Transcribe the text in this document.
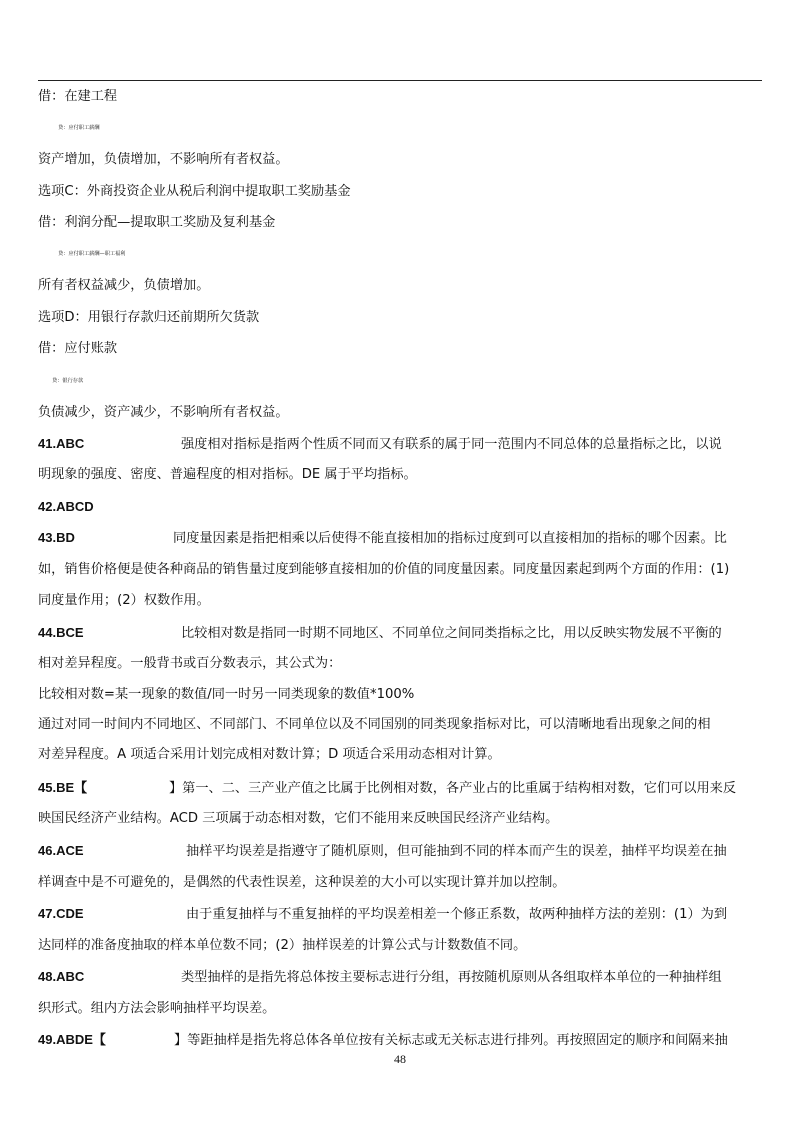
借：在建工程
贷：应付职工薪酬
资产增加，负债增加，不影响所有者权益。
选项C：外商投资企业从税后利润中提取职工奖励基金
借：利润分配—提取职工奖励及复利基金
贷：应付职工薪酬—职工福利
所有者权益减少，负债增加。
选项D：用银行存款归还前期所欠货款
借：应付账款
贷：银行存款
负债减少，资产减少，不影响所有者权益。
41.ABC	强度相对指标是指两个性质不同而又有联系的属于同一范围内不同总体的总量指标之比，以说
明现象的强度、密度、普遍程度的相对指标。DE 属于平均指标。
42.ABCD
43.BD	同度量因素是指把相乘以后使得不能直接相加的指标过度到可以直接相加的指标的哪个因素。比
如，销售价格便是使各种商品的销售量过度到能够直接相加的价值的同度量因素。同度量因素起到两个方面的作用：(1)
同度量作用；(2）权数作用。
44.BCE	比较相对数是指同一时期不同地区、不同单位之间同类指标之比，用以反映实物发展不平衡的
相对差异程度。一般背书或百分数表示，其公式为：
比较相对数=某一现象的数值/同一时另一同类现象的数值*100%
通过对同一时间内不同地区、不同部门、不同单位以及不同国别的同类现象指标对比，可以清晰地看出现象之间的相
对差异程度。A 项适合采用计划完成相对数计算；D 项适合采用动态相对计算。
45.BE【	】第一、二、三产业产值之比属于比例相对数，各产业占的比重属于结构相对数，它们可以用来反
映国民经济产业结构。ACD 三项属于动态相对数，它们不能用来反映国民经济产业结构。
46.ACE	抽样平均误差是指遵守了随机原则，但可能抽到不同的样本而产生的误差，抽样平均误差在抽
样调查中是不可避免的，是偶然的代表性误差，这种误差的大小可以实现计算并加以控制。
47.CDE	由于重复抽样与不重复抽样的平均误差相差一个修正系数，故两种抽样方法的差别：(1）为到
达同样的准备度抽取的样本单位数不同；(2）抽样误差的计算公式与计数数值不同。
48.ABC	类型抽样的是指先将总体按主要标志进行分组，再按随机原则从各组取样本单位的一种抽样组
织形式。组内方法会影响抽样平均误差。
49.ABDE【	】等距抽样是指先将总体各单位按有关标志或无关标志进行排列。再按照固定的顺序和间隔来抽
48
